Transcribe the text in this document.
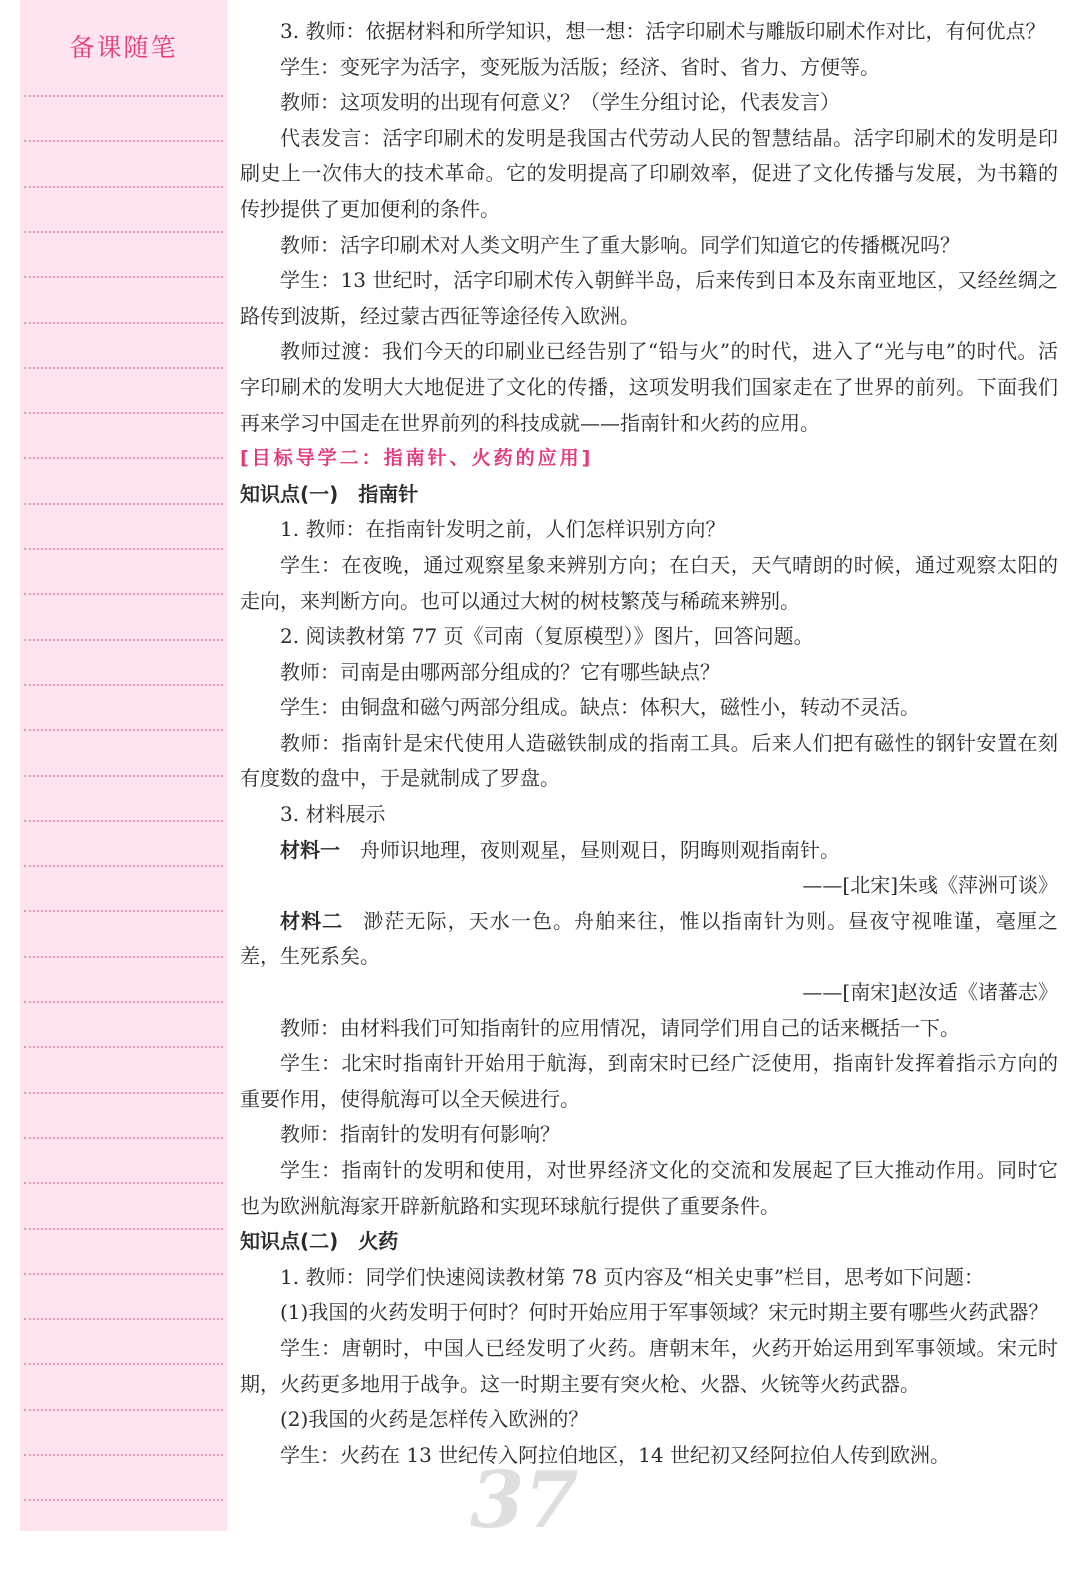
备课随笔

3. 教师：依据材料和所学知识，想一想：活字印刷术与雕版印刷术作对比，有何优点？

学生：变死字为活字，变死版为活版；经济、省时、省力、方便等。

教师：这项发明的出现有何意义？（学生分组讨论，代表发言）

代表发言：活字印刷术的发明是我国古代劳动人民的智慧结晶。活字印刷术的发明是印刷史上一次伟大的技术革命。它的发明提高了印刷效率，促进了文化传播与发展，为书籍的传抄提供了更加便利的条件。

教师：活字印刷术对人类文明产生了重大影响。同学们知道它的传播概况吗？

学生：13 世纪时，活字印刷术传入朝鲜半岛，后来传到日本及东南亚地区，又经丝绸之路传到波斯，经过蒙古西征等途径传入欧洲。

教师过渡：我们今天的印刷业已经告别了“铅与火”的时代，进入了“光与电”的时代。活字印刷术的发明大大地促进了文化的传播，这项发明我们国家走在了世界的前列。下面我们再来学习中国走在世界前列的科技成就——指南针和火药的应用。

[目标导学二：指南针、火药的应用]
知识点(一) 指南针

1. 教师：在指南针发明之前，人们怎样识别方向？

学生：在夜晚，通过观察星象来辨别方向；在白天，天气晴朗的时候，通过观察太阳的走向，来判断方向。也可以通过大树的树枝繁茂与稀疏来辨别。

2. 阅读教材第 77 页《司南（复原模型）》图片，回答问题。

教师：司南是由哪两部分组成的？它有哪些缺点？

学生：由铜盘和磁勺两部分组成。缺点：体积大，磁性小，转动不灵活。

教师：指南针是宋代使用人造磁铁制成的指南工具。后来人们把有磁性的钢针安置在刻有度数的盘中，于是就制成了罗盘。

3. 材料展示

材料一 舟师识地理，夜则观星，昼则观日，阴晦则观指南针。

——[北宋]朱彧《萍洲可谈》

材料二 渺茫无际，天水一色。舟舶来往，惟以指南针为则。昼夜守视唯谨，毫厘之差，生死系矣。

——[南宋]赵汝适《诸蕃志》

教师：由材料我们可知指南针的应用情况，请同学们用自己的话来概括一下。

学生：北宋时指南针开始用于航海，到南宋时已经广泛使用，指南针发挥着指示方向的重要作用，使得航海可以全天候进行。

教师：指南针的发明有何影响？

学生：指南针的发明和使用，对世界经济文化的交流和发展起了巨大推动作用。同时它也为欧洲航海家开辟新航路和实现环球航行提供了重要条件。

知识点(二) 火药

1. 教师：同学们快速阅读教材第 78 页内容及“相关史事”栏目，思考如下问题：

(1)我国的火药发明于何时？何时开始应用于军事领域？宋元时期主要有哪些火药武器？

学生：唐朝时，中国人已经发明了火药。唐朝末年，火药开始运用到军事领域。宋元时期，火药更多地用于战争。这一时期主要有突火枪、火器、火铳等火药武器。

(2)我国的火药是怎样传入欧洲的？

学生：火药在 13 世纪传入阿拉伯地区，14 世纪初又经阿拉伯人传到欧洲。

37
